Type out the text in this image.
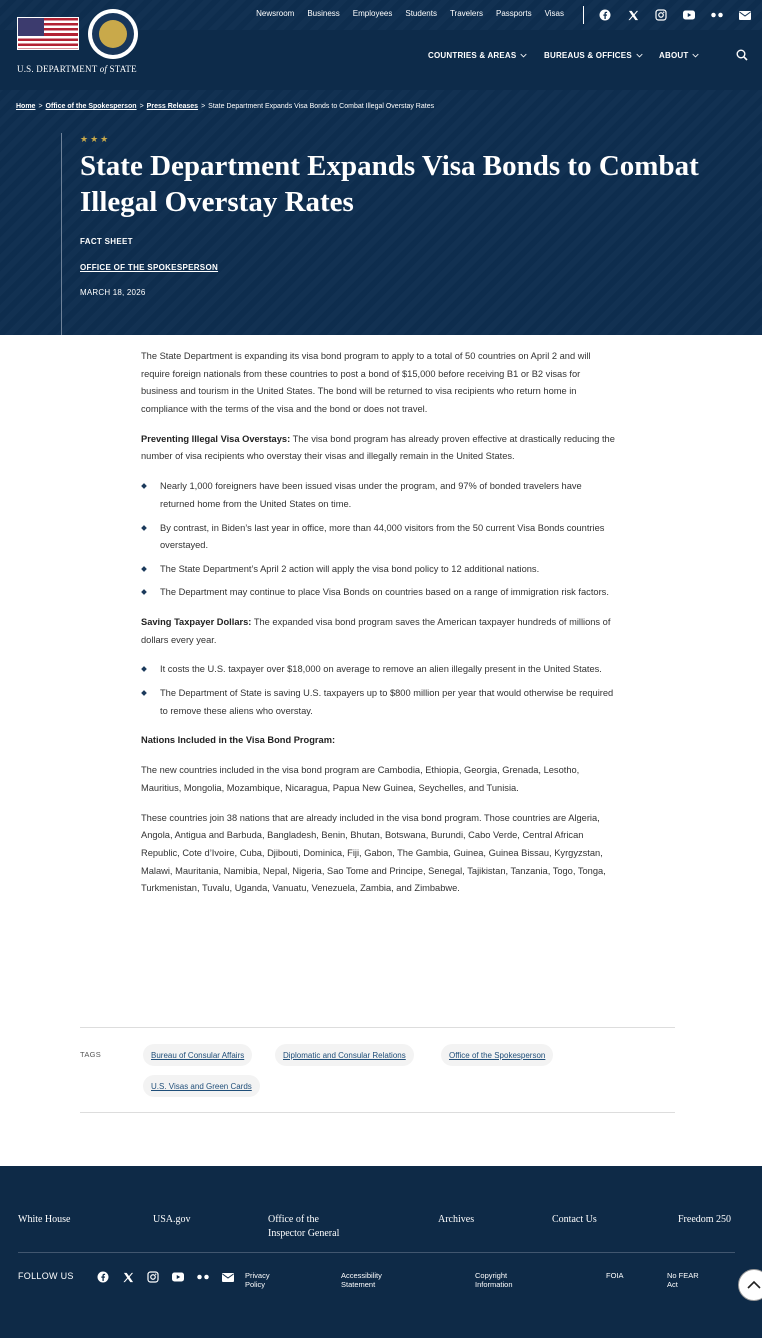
Newsroom Business Employees Students Travelers Passports Visas
U.S. DEPARTMENT of STATE
COUNTRIES & AREAS	BUREAUS & OFFICES	ABOUT
Home > Office of the Spokesperson > Press Releases > State Department Expands Visa Bonds to Combat Illegal Overstay Rates
★★★
State Department Expands Visa Bonds to Combat Illegal Overstay Rates
FACT SHEET
OFFICE OF THE SPOKESPERSON
MARCH 18, 2026

The State Department is expanding its visa bond program to apply to a total of 50 countries on April 2 and will require foreign nationals from these countries to post a bond of $15,000 before receiving B1 or B2 visas for business and tourism in the United States. The bond will be returned to visa recipients who return home in compliance with the terms of the visa and the bond or does not travel.

Preventing Illegal Visa Overstays: The visa bond program has already proven effective at drastically reducing the number of visa recipients who overstay their visas and illegally remain in the United States.

Nearly 1,000 foreigners have been issued visas under the program, and 97% of bonded travelers have returned home from the United States on time.
By contrast, in Biden’s last year in office, more than 44,000 visitors from the 50 current Visa Bonds countries overstayed.
The State Department’s April 2 action will apply the visa bond policy to 12 additional nations.
The Department may continue to place Visa Bonds on countries based on a range of immigration risk factors.

Saving Taxpayer Dollars: The expanded visa bond program saves the American taxpayer hundreds of millions of dollars every year.

It costs the U.S. taxpayer over $18,000 on average to remove an alien illegally present in the United States.
The Department of State is saving U.S. taxpayers up to $800 million per year that would otherwise be required to remove these aliens who overstay.

Nations Included in the Visa Bond Program:

The new countries included in the visa bond program are Cambodia, Ethiopia, Georgia, Grenada, Lesotho, Mauritius, Mongolia, Mozambique, Nicaragua, Papua New Guinea, Seychelles, and Tunisia.

These countries join 38 nations that are already included in the visa bond program. Those countries are Algeria, Angola, Antigua and Barbuda, Bangladesh, Benin, Bhutan, Botswana, Burundi, Cabo Verde, Central African Republic, Cote d’Ivoire, Cuba, Djibouti, Dominica, Fiji, Gabon, The Gambia, Guinea, Guinea Bissau, Kyrgyzstan, Malawi, Mauritania, Namibia, Nepal, Nigeria, Sao Tome and Principe, Senegal, Tajikistan, Tanzania, Togo, Tonga, Turkmenistan, Tuvalu, Uganda, Vanuatu, Venezuela, Zambia, and Zimbabwe.

TAGS	Bureau of Consular Affairs	Diplomatic and Consular Relations	Office of the Spokesperson
U.S. Visas and Green Cards
White House	USA.gov	Office of the Inspector General
Archives	Contact Us	Freedom 250
FOLLOW US	Privacy Policy
Accessibility Statement
Copyright Information
FOIA	No FEAR Act
